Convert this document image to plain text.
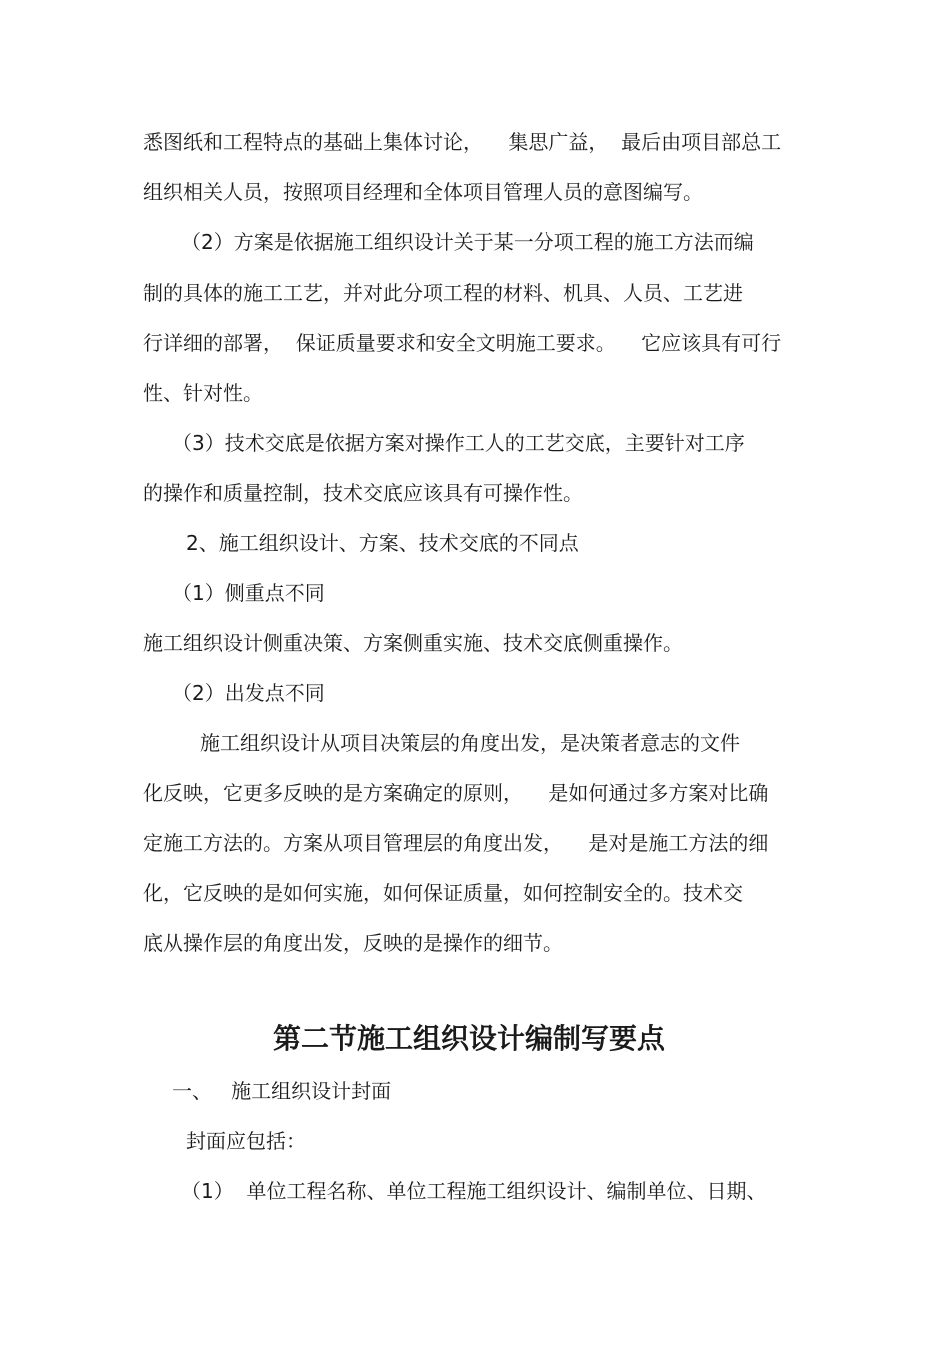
悉图纸和工程特点的基础上集体讨论，    集思广益，  最后由项目部总工

组织相关人员，按照项目经理和全体项目管理人员的意图编写。

（2）方案是依据施工组织设计关于某一分项工程的施工方法而编

制的具体的施工工艺，并对此分项工程的材料、机具、人员、工艺进

行详细的部署，  保证质量要求和安全文明施工要求。    它应该具有可行

性、针对性。

（3）技术交底是依据方案对操作工人的工艺交底，主要针对工序

的操作和质量控制，技术交底应该具有可操作性。

2、施工组织设计、方案、技术交底的不同点

（1）侧重点不同

施工组织设计侧重决策、方案侧重实施、技术交底侧重操作。

（2）出发点不同

施工组织设计从项目决策层的角度出发，是决策者意志的文件

化反映，它更多反映的是方案确定的原则，    是如何通过多方案对比确

定施工方法的。方案从项目管理层的角度出发，    是对是施工方法的细

化，它反映的是如何实施，如何保证质量，如何控制安全的。技术交

底从操作层的角度出发，反映的是操作的细节。

第二节施工组织设计编制写要点

一、   施工组织设计封面

封面应包括：

（1）  单位工程名称、单位工程施工组织设计、编制单位、日期、
